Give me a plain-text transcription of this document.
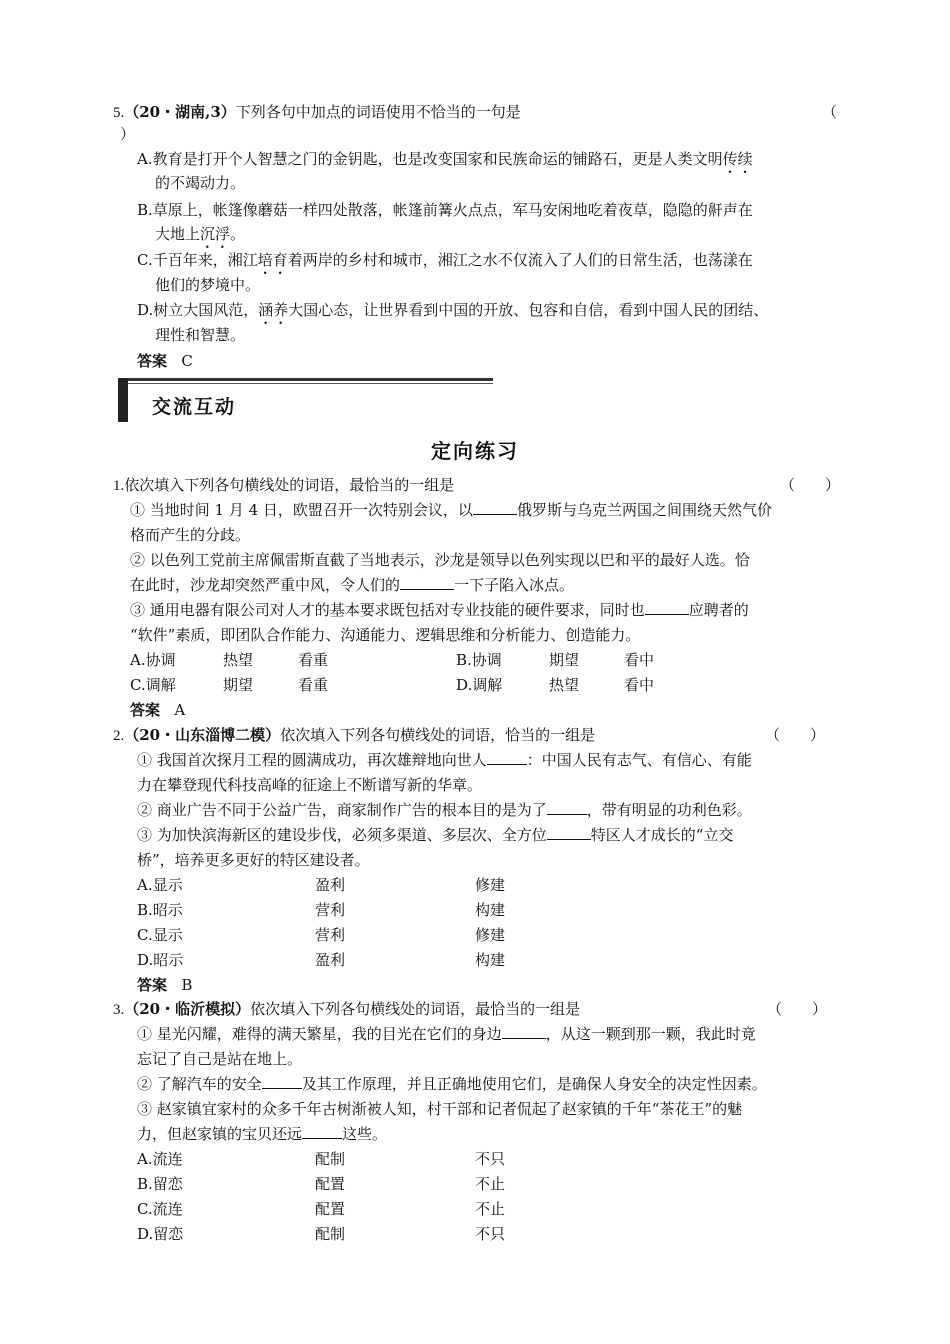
5.（20・湖南,3）下列各句中加点的词语使用不恰当的一句是	（
）
A.教育是打开个人智慧之门的金钥匙，也是改变国家和民族命运的铺路石，更是人类文明传续
的不竭动力。
B.草原上，帐篷像蘑菇一样四处散落，帐篷前篝火点点，军马安闲地吃着夜草，隐隐的鼾声在
大地上沉浮。
C.千百年来，湘江培育着两岸的乡村和城市，湘江之水不仅流入了人们的日常生活，也荡漾在
他们的梦境中。
D.树立大国风范，涵养大国心态，让世界看到中国的开放、包容和自信，看到中国人民的团结、
理性和智慧。
答案 C
交流互动
定向练习
1.依次填入下列各句横线处的词语，最恰当的一组是	（　　）
① 当地时间 1 月 4 日，欧盟召开一次特别会议，以	俄罗斯与乌克兰两国之间围绕天然气价
格而产生的分歧。
② 以色列工党前主席佩雷斯直截了当地表示，沙龙是领导以色列实现以巴和平的最好人选。恰
在此时，沙龙却突然严重中风，令人们的	一下子陷入冰点。
③ 通用电器有限公司对人才的基本要求既包括对专业技能的硬件要求，同时也	应聘者的
“软件”素质，即团队合作能力、沟通能力、逻辑思维和分析能力、创造能力。
A.协调	热望	看重	B.协调	期望	看中
C.调解	期望	看重	D.调解	热望	看中
答案 A
2.（20・山东淄博二模）依次填入下列各句横线处的词语，恰当的一组是	（　　）
① 我国首次探月工程的圆满成功，再次雄辩地向世人	：中国人民有志气、有信心、有能
力在攀登现代科技高峰的征途上不断谱写新的华章。
② 商业广告不同于公益广告，商家制作广告的根本目的是为了	，带有明显的功利色彩。
③ 为加快滨海新区的建设步伐，必须多渠道、多层次、全方位	特区人才成长的“立交
桥”，培养更多更好的特区建设者。
A.显示	盈利	修建
B.昭示	营利	构建
C.显示	营利	修建
D.昭示	盈利	构建
答案 B
3.（20・临沂模拟）依次填入下列各句横线处的词语，最恰当的一组是	（　　）
① 星光闪耀，难得的满天繁星，我的目光在它们的身边	，从这一颗到那一颗，我此时竟
忘记了自己是站在地上。
② 了解汽车的安全	及其工作原理，并且正确地使用它们，是确保人身安全的决定性因素。
③ 赵家镇宜家村的众多千年古树渐被人知，村干部和记者侃起了赵家镇的千年“茶花王”的魅
力，但赵家镇的宝贝还远	这些。
A.流连	配制	不只
B.留恋	配置	不止
C.流连	配置	不止
D.留恋	配制	不只
